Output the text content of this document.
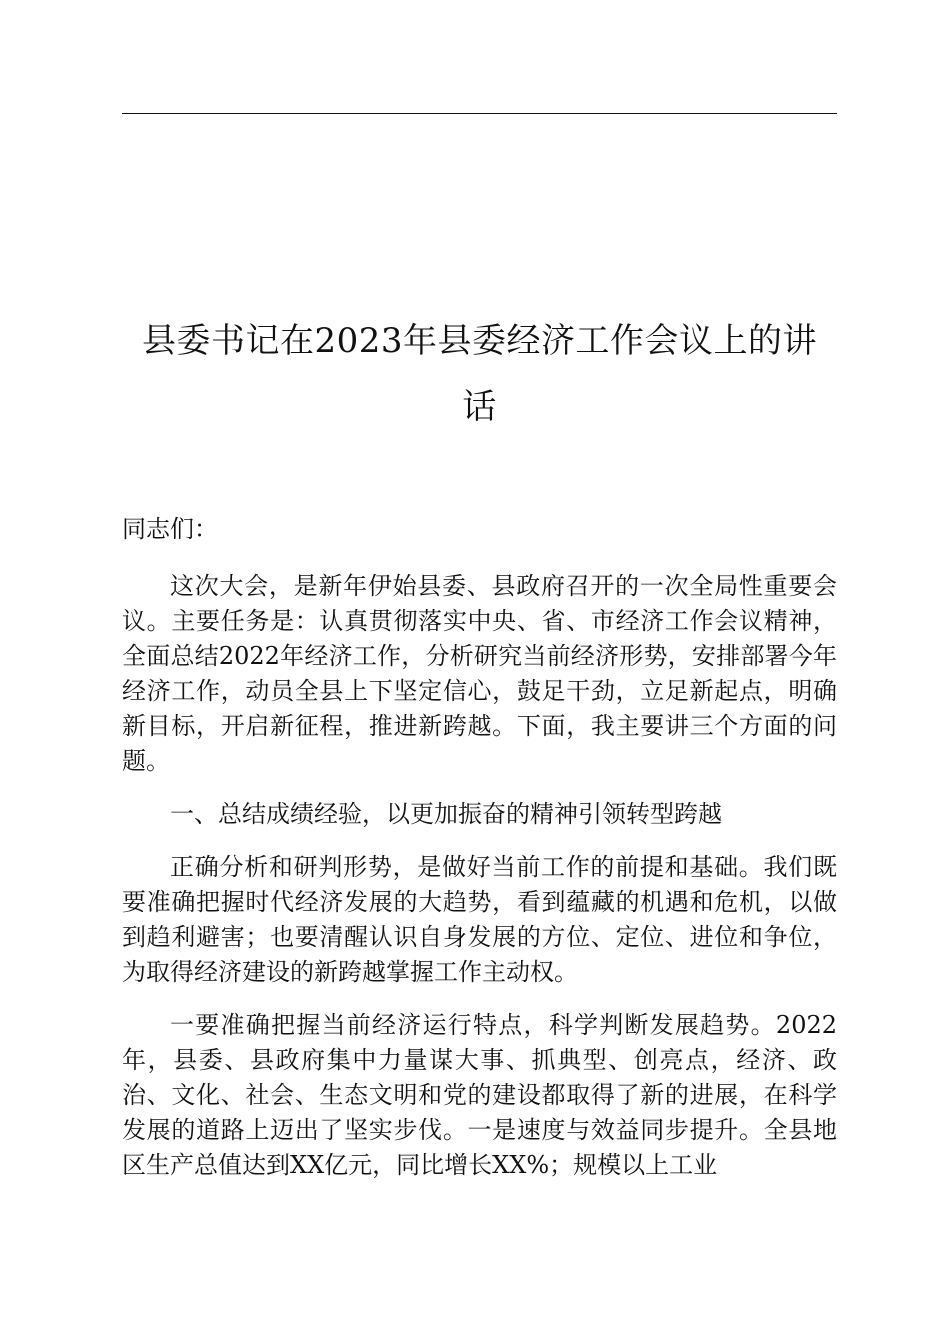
县委书记在2023年县委经济工作会议上的讲
话

同志们：

这次大会，是新年伊始县委、县政府召开的一次全局性重要会议。主要任务是：认真贯彻落实中央、省、市经济工作会议精神，全面总结2022年经济工作，分析研究当前经济形势，安排部署今年经济工作，动员全县上下坚定信心，鼓足干劲，立足新起点，明确新目标，开启新征程，推进新跨越。下面，我主要讲三个方面的问题。

一、总结成绩经验，以更加振奋的精神引领转型跨越

正确分析和研判形势，是做好当前工作的前提和基础。我们既要准确把握时代经济发展的大趋势，看到蕴藏的机遇和危机，以做到趋利避害；也要清醒认识自身发展的方位、定位、进位和争位，为取得经济建设的新跨越掌握工作主动权。

一要准确把握当前经济运行特点，科学判断发展趋势。2022年，县委、县政府集中力量谋大事、抓典型、创亮点，经济、政治、文化、社会、生态文明和党的建设都取得了新的进展，在科学发展的道路上迈出了坚实步伐。一是速度与效益同步提升。全县地区生产总值达到XX亿元，同比增长XX%；规模以上工业
